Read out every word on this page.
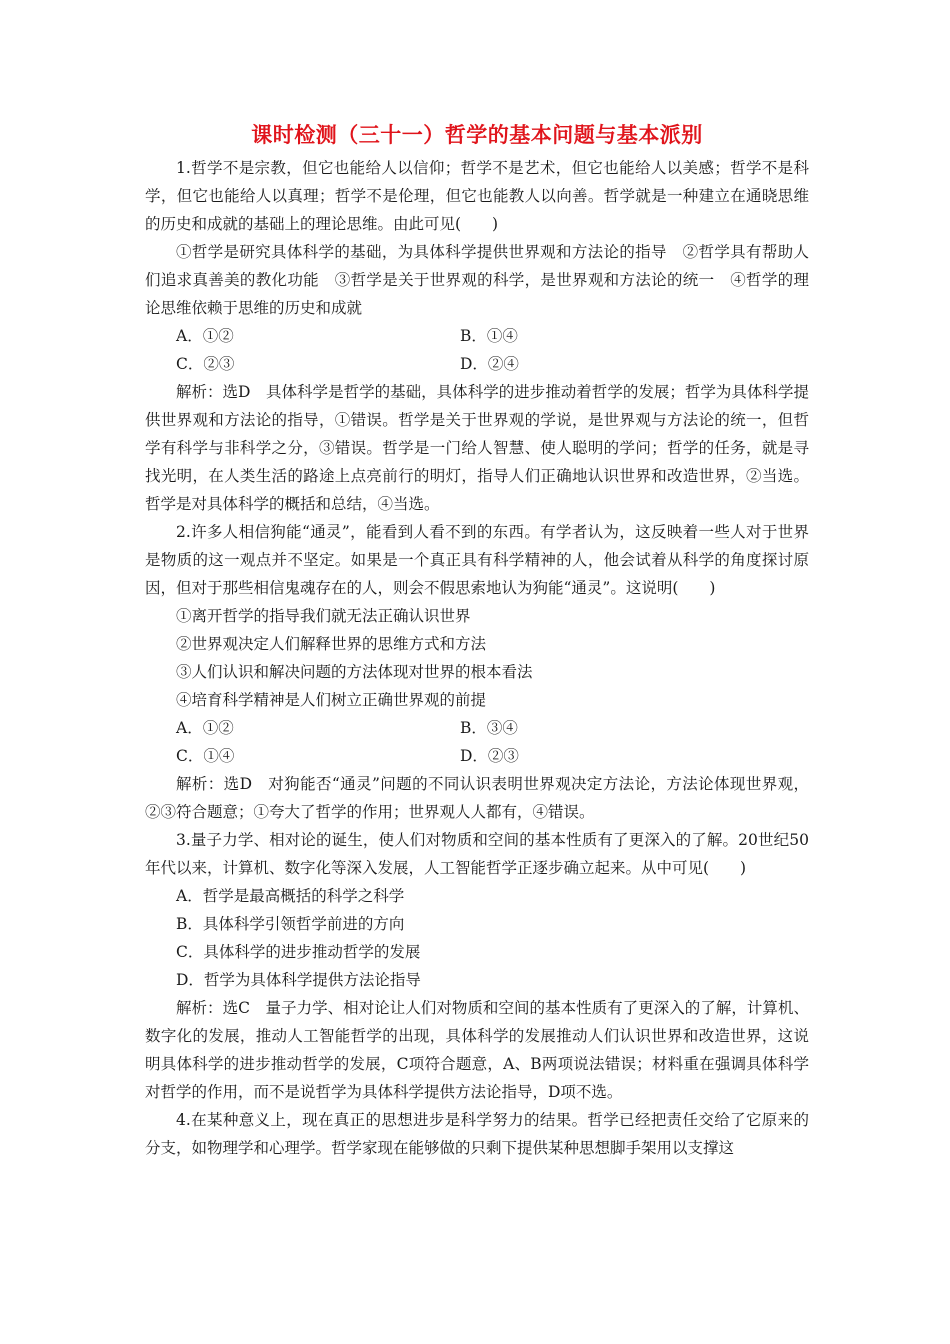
课时检测（三十一）哲学的基本问题与基本派别

1.哲学不是宗教，但它也能给人以信仰；哲学不是艺术，但它也能给人以美感；哲学不是科学，但它也能给人以真理；哲学不是伦理，但它也能教人以向善。哲学就是一种建立在通晓思维的历史和成就的基础上的理论思维。由此可见(　　)

①哲学是研究具体科学的基础，为具体科学提供世界观和方法论的指导　②哲学具有帮助人们追求真善美的教化功能　③哲学是关于世界观的科学，是世界观和方法论的统一　④哲学的理论思维依赖于思维的历史和成就

A．①②	B．①④
C．②③	D．②④

解析：选D　具体科学是哲学的基础，具体科学的进步推动着哲学的发展；哲学为具体科学提供世界观和方法论的指导，①错误。哲学是关于世界观的学说，是世界观与方法论的统一，但哲学有科学与非科学之分，③错误。哲学是一门给人智慧、使人聪明的学问；哲学的任务，就是寻找光明，在人类生活的路途上点亮前行的明灯，指导人们正确地认识世界和改造世界，②当选。哲学是对具体科学的概括和总结，④当选。

2.许多人相信狗能“通灵”，能看到人看不到的东西。有学者认为，这反映着一些人对于世界是物质的这一观点并不坚定。如果是一个真正具有科学精神的人，他会试着从科学的角度探讨原因，但对于那些相信鬼魂存在的人，则会不假思索地认为狗能“通灵”。这说明(　　)

①离开哲学的指导我们就无法正确认识世界

②世界观决定人们解释世界的思维方式和方法

③人们认识和解决问题的方法体现对世界的根本看法

④培育科学精神是人们树立正确世界观的前提

A．①②	B．③④
C．①④	D．②③

解析：选D　对狗能否“通灵”问题的不同认识表明世界观决定方法论，方法论体现世界观，②③符合题意；①夸大了哲学的作用；世界观人人都有，④错误。

3.量子力学、相对论的诞生，使人们对物质和空间的基本性质有了更深入的了解。20世纪50年代以来，计算机、数字化等深入发展，人工智能哲学正逐步确立起来。从中可见(　　)

A．哲学是最高概括的科学之科学

B．具体科学引领哲学前进的方向

C．具体科学的进步推动哲学的发展

D．哲学为具体科学提供方法论指导

解析：选C　量子力学、相对论让人们对物质和空间的基本性质有了更深入的了解，计算机、数字化的发展，推动人工智能哲学的出现，具体科学的发展推动人们认识世界和改造世界，这说明具体科学的进步推动哲学的发展，C项符合题意，A、B两项说法错误；材料重在强调具体科学对哲学的作用，而不是说哲学为具体科学提供方法论指导，D项不选。

4.在某种意义上，现在真正的思想进步是科学努力的结果。哲学已经把责任交给了它原来的分支，如物理学和心理学。哲学家现在能够做的只剩下提供某种思想脚手架用以支撑这
